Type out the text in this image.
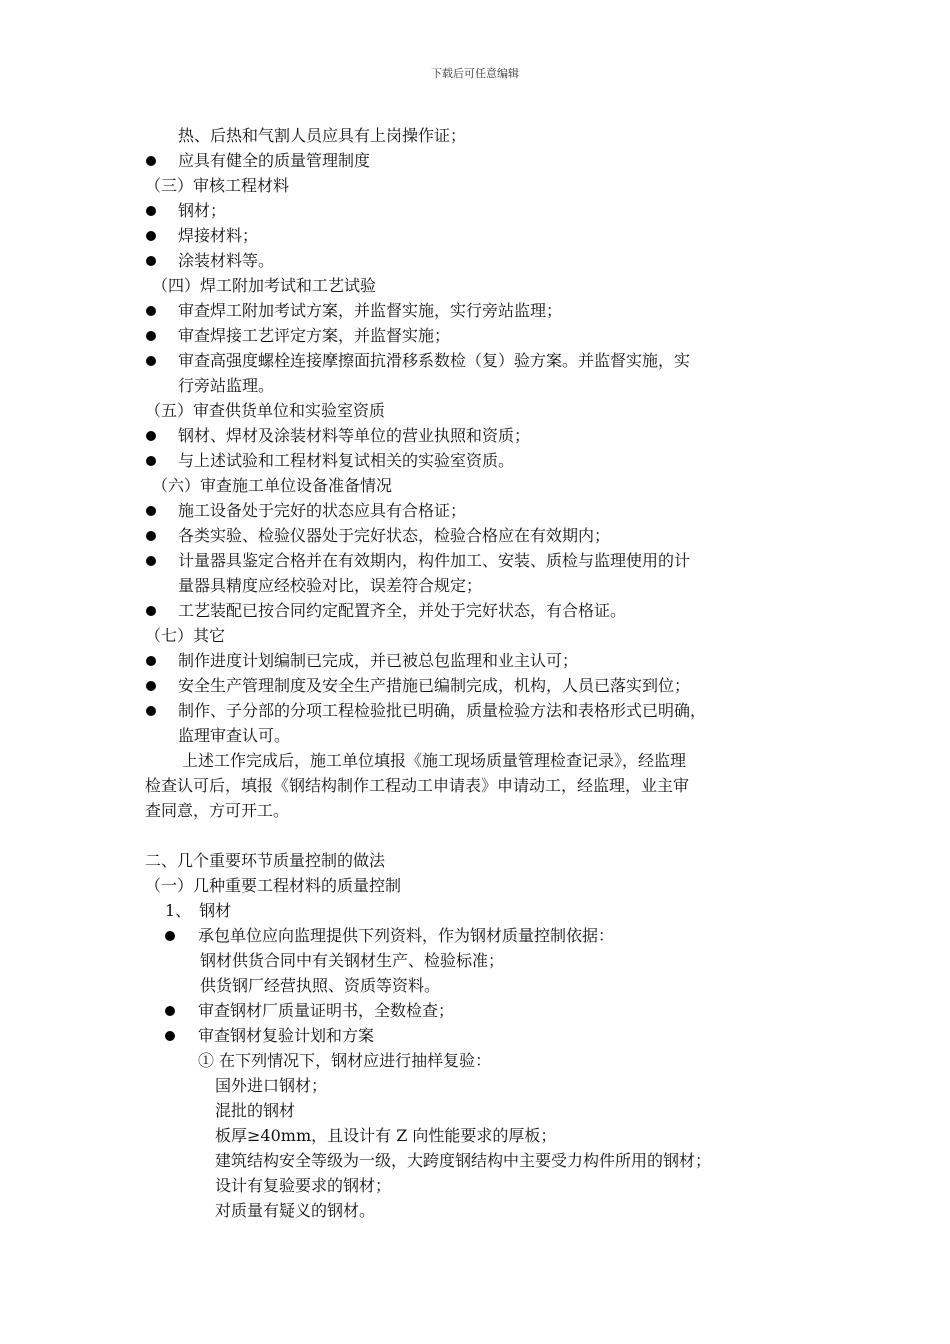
下载后可任意编辑
热、后热和气割人员应具有上岗操作证；
应具有健全的质量管理制度
（三）审核工程材料
钢材；
焊接材料；
涂装材料等。
（四）焊工附加考试和工艺试验
审查焊工附加考试方案，并监督实施，实行旁站监理；
审查焊接工艺评定方案，并监督实施；
审查高强度螺栓连接摩擦面抗滑移系数检（复）验方案。并监督实施，实
行旁站监理。
（五）审查供货单位和实验室资质
钢材、焊材及涂装材料等单位的营业执照和资质；
与上述试验和工程材料复试相关的实验室资质。
（六）审查施工单位设备准备情况
施工设备处于完好的状态应具有合格证；
各类实验、检验仪器处于完好状态，检验合格应在有效期内；
计量器具鉴定合格并在有效期内，构件加工、安装、质检与监理使用的计
量器具精度应经校验对比，误差符合规定；
工艺装配已按合同约定配置齐全，并处于完好状态，有合格证。
（七）其它
制作进度计划编制已完成，并已被总包监理和业主认可；
安全生产管理制度及安全生产措施已编制完成，机构，人员已落实到位；
制作、子分部的分项工程检验批已明确，质量检验方法和表格形式已明确，
监理审查认可。
上述工作完成后，施工单位填报《施工现场质量管理检查记录》，经监理
检查认可后，填报《钢结构制作工程动工申请表》申请动工，经监理，业主审
查同意，方可开工。
二、几个重要环节质量控制的做法
（一）几种重要工程材料的质量控制
1、　钢材
承包单位应向监理提供下列资料，作为钢材质量控制依据：
钢材供货合同中有关钢材生产、检验标准；
供货钢厂经营执照、资质等资料。
审查钢材厂质量证明书，全数检查；
审查钢材复验计划和方案
① 在下列情况下，钢材应进行抽样复验：
国外进口钢材；
混批的钢材
板厚≥40mm，且设计有 Z 向性能要求的厚板；
建筑结构安全等级为一级，大跨度钢结构中主要受力构件所用的钢材；
设计有复验要求的钢材；
对质量有疑义的钢材。
